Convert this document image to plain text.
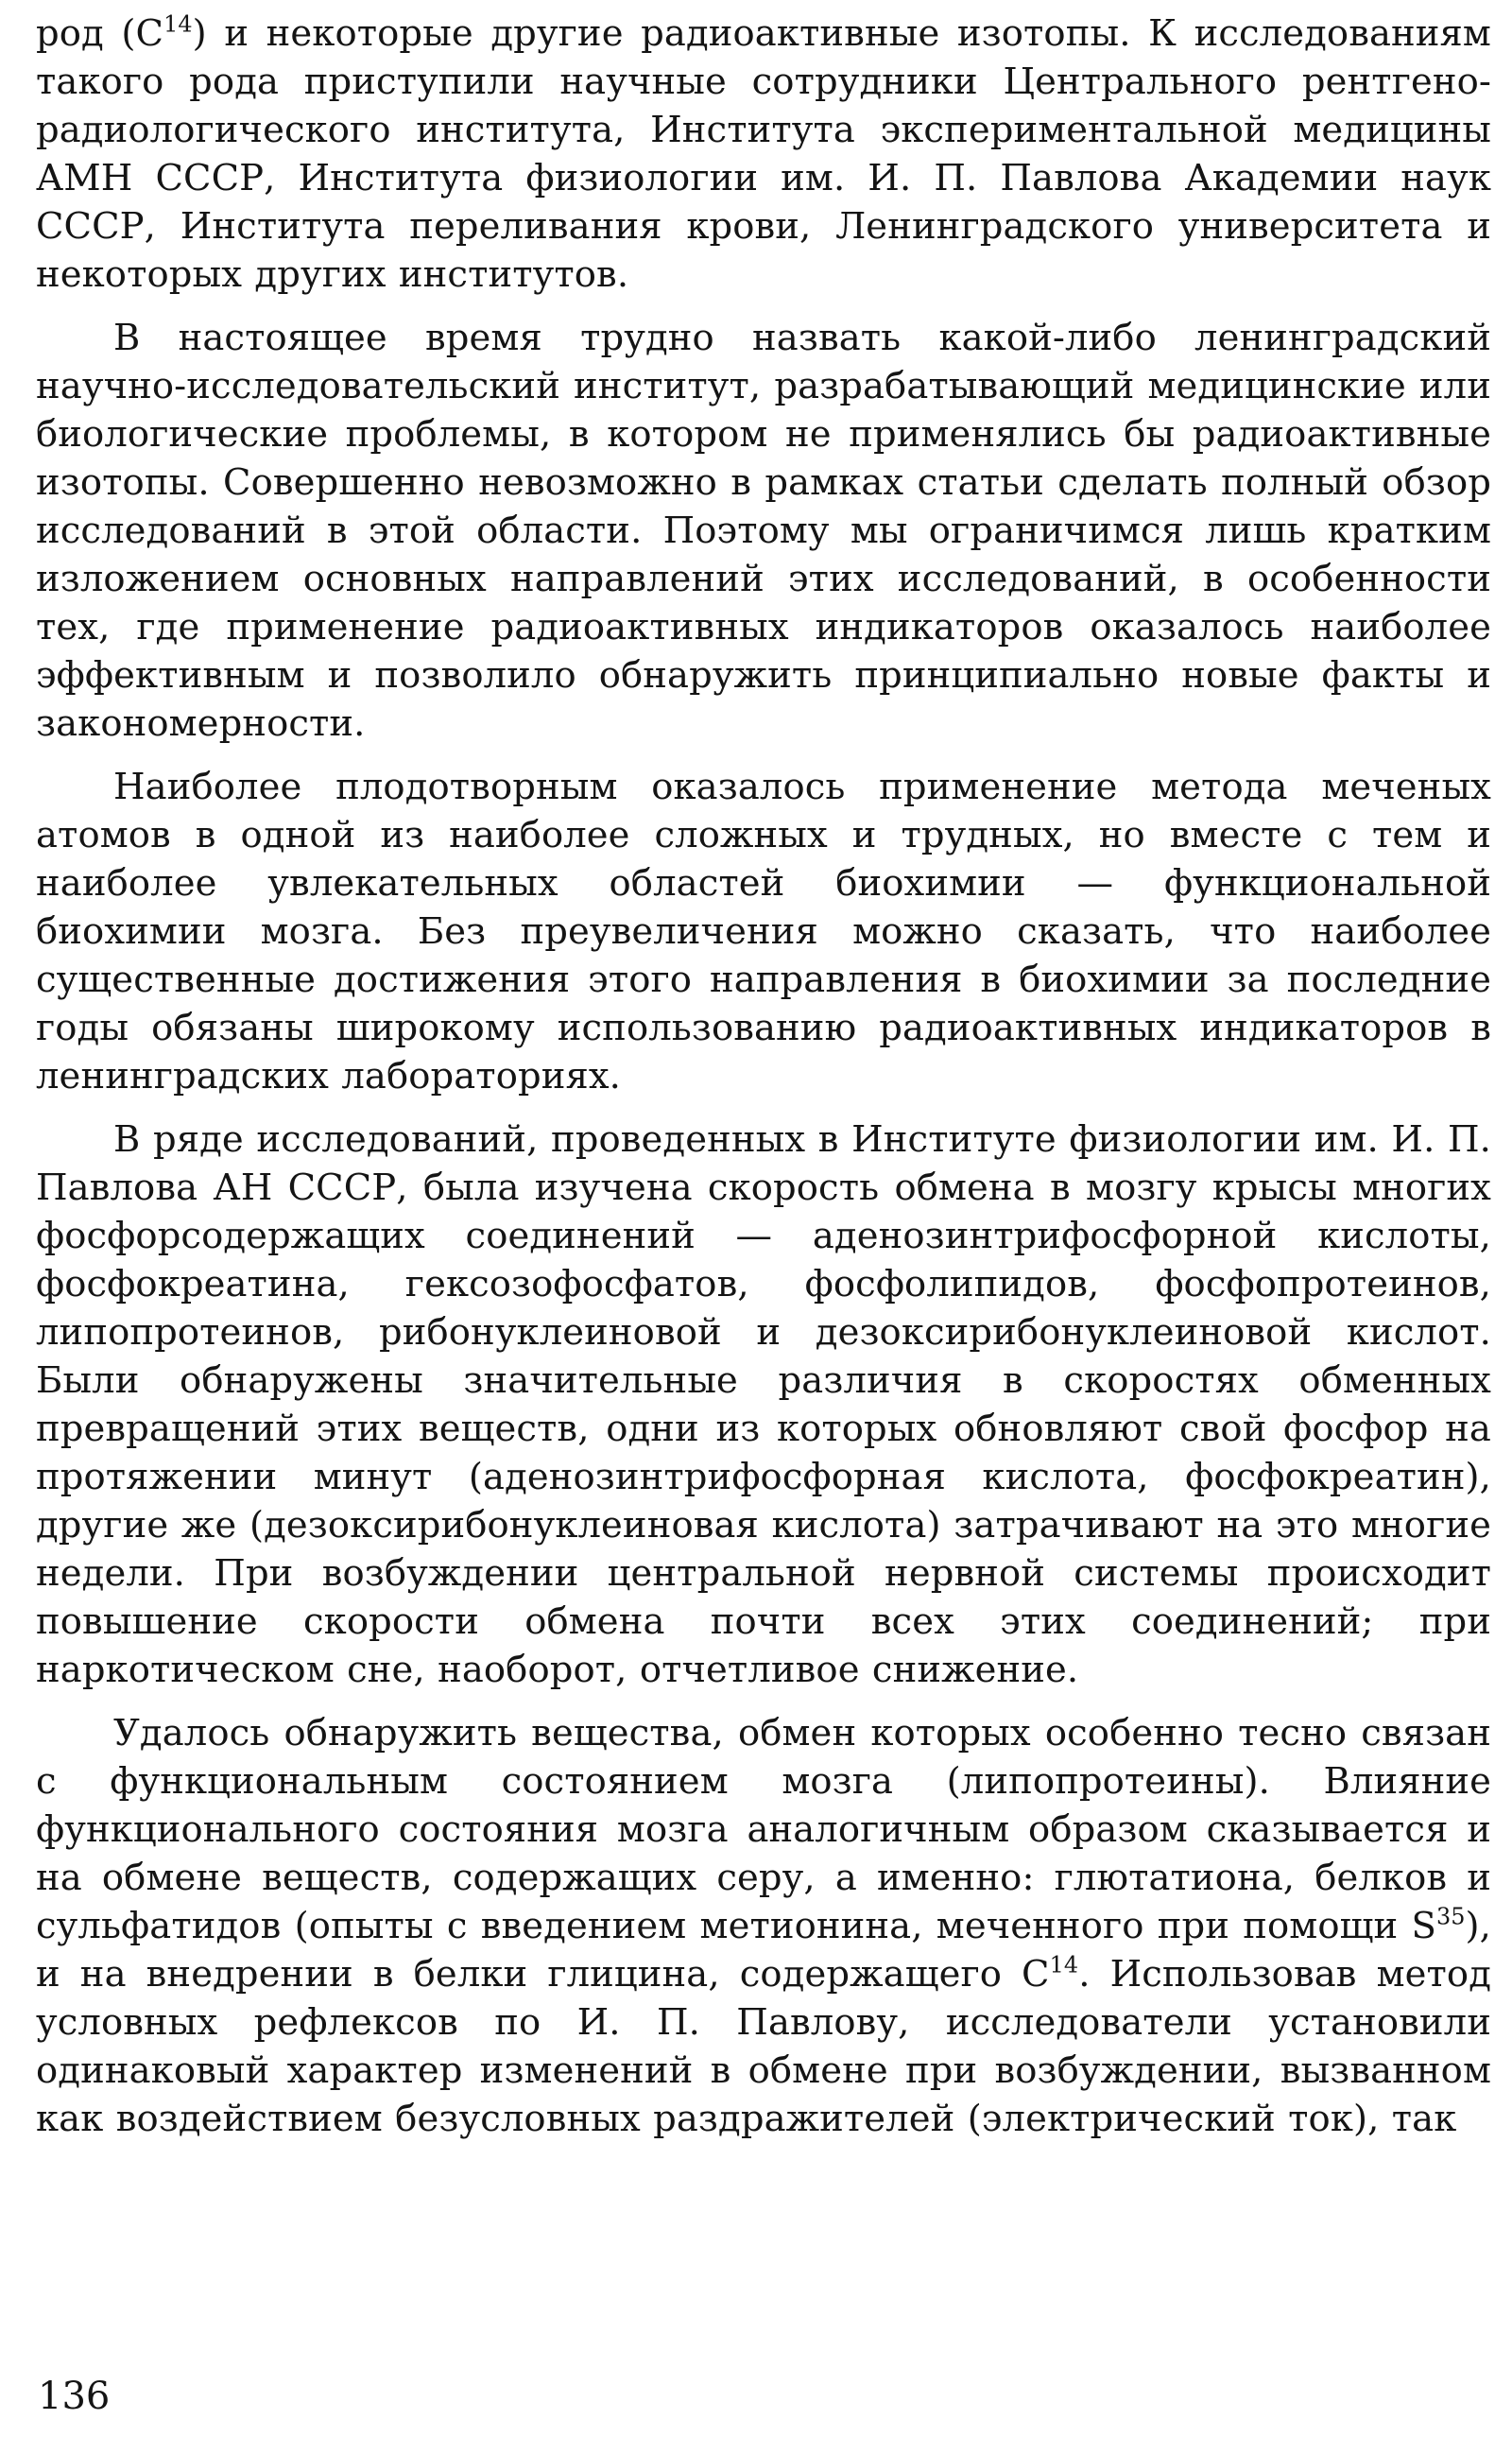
род $(C^{14})$ и некоторые другие радиоактивные изотопы. К исследованиям такого рода приступили научные сотрудники Центрального рентгено-радиологического института, Института экспериментальной медицины АМН СССР, Института физиологии им. И. П. Павлова Академии наук СССР, Института переливания крови, Ленинградского университета и некоторых других институтов.

В настоящее время трудно назвать какой-либо ленинградский научно-исследовательский институт, разрабатывающий медицинские или биологические проблемы, в котором не применялись бы радиоактивные изотопы. Совершенно невозможно в рамках статьи сделать полный обзор исследований в этой области. Поэтому мы ограничимся лишь кратким изложением основных направлений этих исследований, в особенности тех, где применение радиоактивных индикаторов оказалось наиболее эффективным и позволило обнаружить принципиально новые факты и закономерности.

Наиболее плодотворным оказалось применение метода меченых атомов в одной из наиболее сложных и трудных, но вместе с тем и наиболее увлекательных областей биохимии — функциональной биохимии мозга. Без преувеличения можно сказать, что наиболее существенные достижения этого направления в биохимии за последние годы обязаны широкому использованию радиоактивных индикаторов в ленинградских лабораториях.

В ряде исследований, проведенных в Институте физиологии им. И. П. Павлова АН СССР, была изучена скорость обмена в мозгу крысы многих фосфорсодержащих соединений — аденозинтрифосфорной кислоты, фосфокреатина, гексозофосфатов, фосфолипидов, фосфопротеинов, липопротеинов, рибонуклеиновой и дезоксирибонуклеиновой кислот. Были обнаружены значительные различия в скоростях обменных превращений этих веществ, одни из которых обновляют свой фосфор на протяжении минут (аденозинтрифосфорная кислота, фосфокреатин), другие же (дезоксирибонуклеиновая кислота) затрачивают на это многие недели. При возбуждении центральной нервной системы происходит повышение скорости обмена почти всех этих соединений; при наркотическом сне, наоборот, отчетливое снижение.

Удалось обнаружить вещества, обмен которых особенно тесно связан с функциональным состоянием мозга (липопротеины). Влияние функционального состояния мозга аналогичным образом сказывается и на обмене веществ, содержащих серу, а именно: глютатиона, белков и сульфатидов (опыты с введением метионина, меченного при помощи $S^{35}$), и на внедрении в белки глицина, содержащего $C^{14}$. Использовав метод условных рефлексов по И. П. Павлову, исследователи установили одинаковый характер изменений в обмене при возбуждении, вызванном как воздействием безусловных раздражителей (электрический ток), так

136
